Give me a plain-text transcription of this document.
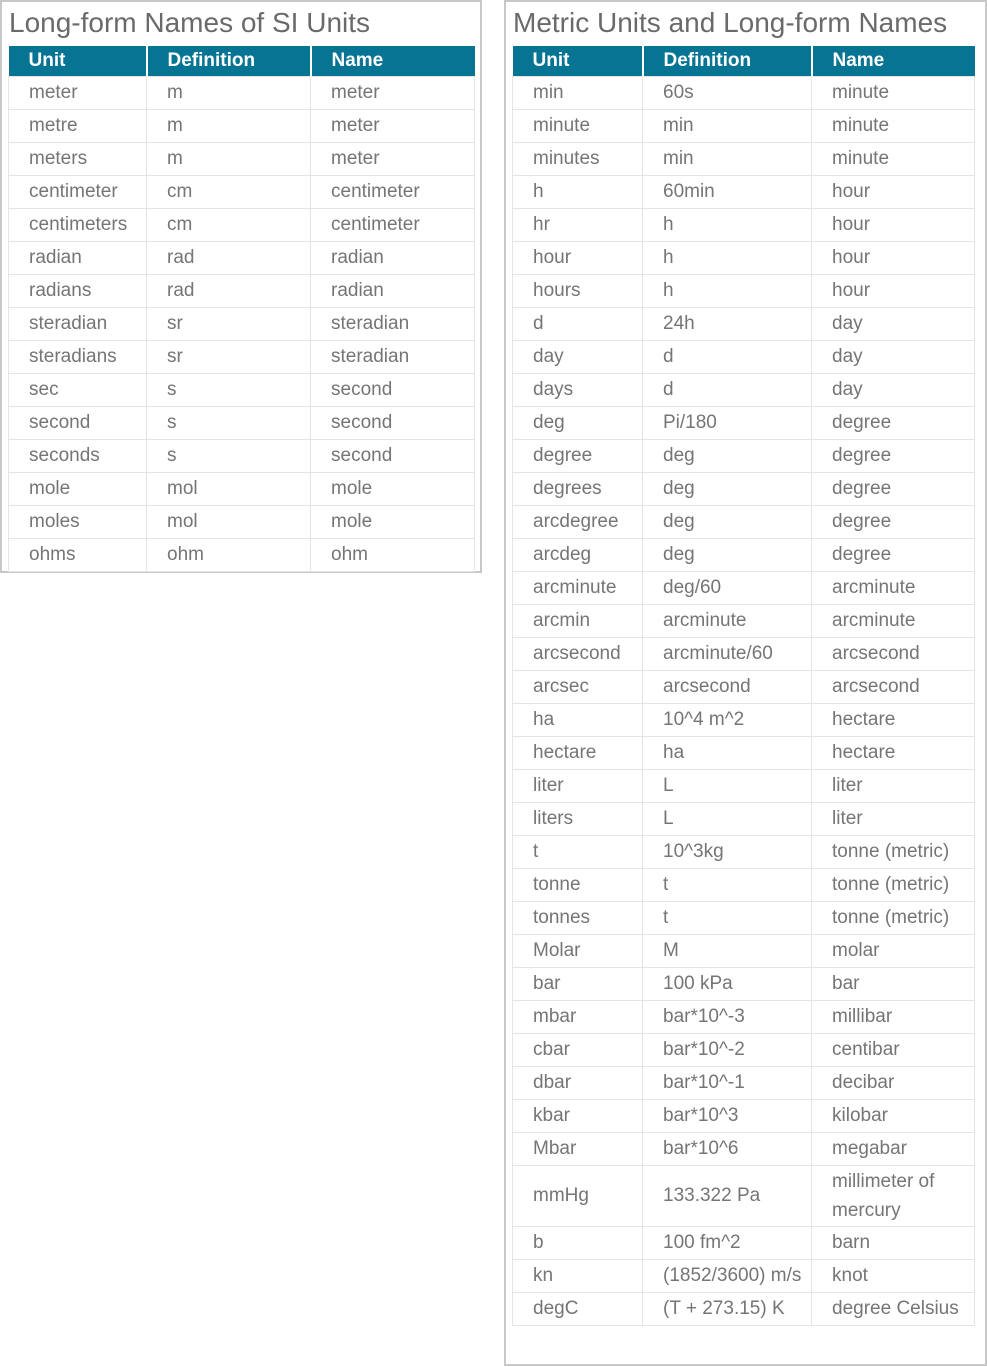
Long-form Names of SI Units
Unit	Definition	Name
meter	m	meter
metre	m	meter
meters	m	meter
centimeter	cm	centimeter
centimeters	cm	centimeter
radian	rad	radian
radians	rad	radian
steradian	sr	steradian
steradians	sr	steradian
sec	s	second
second	s	second
seconds	s	second
mole	mol	mole
moles	mol	mole
ohms	ohm	ohm
Metric Units and Long-form Names
Unit	Definition	Name
min	60s	minute
minute	min	minute
minutes	min	minute
h	60min	hour
hr	h	hour
hour	h	hour
hours	h	hour
d	24h	day
day	d	day
days	d	day
deg	Pi/180	degree
degree	deg	degree
degrees	deg	degree
arcdegree	deg	degree
arcdeg	deg	degree
arcminute	deg/60	arcminute
arcmin	arcminute	arcminute
arcsecond	arcminute/60	arcsecond
arcsec	arcsecond	arcsecond
ha	10^4 m^2	hectare
hectare	ha	hectare
liter	L	liter
liters	L	liter
t	10^3kg	tonne (metric)
tonne	t	tonne (metric)
tonnes	t	tonne (metric)
Molar	M	molar
bar	100 kPa	bar
mbar	bar*10^-3	millibar
cbar	bar*10^-2	centibar
dbar	bar*10^-1	decibar
kbar	bar*10^3	kilobar
Mbar	bar*10^6	megabar
mmHg	133.322 Pa	millimeter of mercury
b	100 fm^2	barn
kn	(1852/3600) m/s	knot
degC	(T + 273.15) K	degree Celsius
